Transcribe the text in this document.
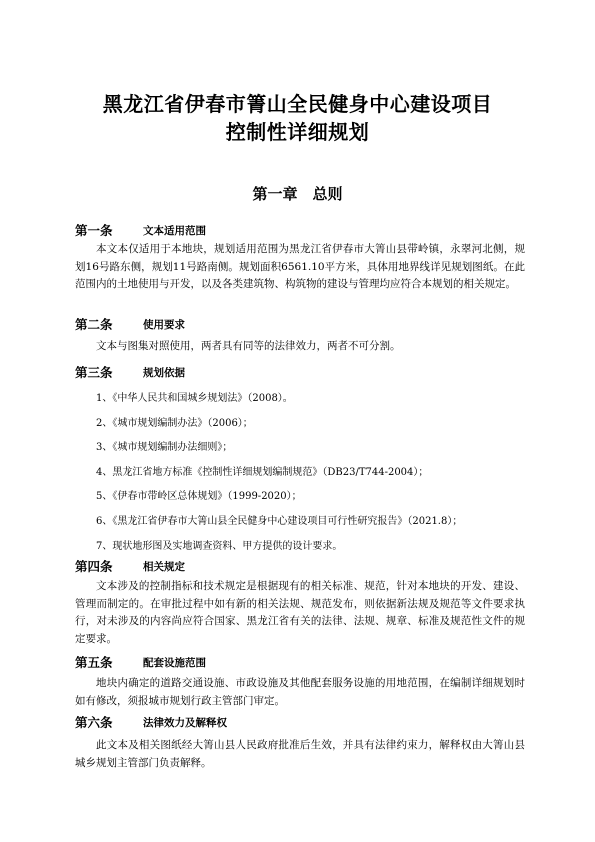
黑龙江省伊春市箐山全民健身中心建设项目
控制性详细规划
第一章　总则
第一条	文本适用范围

本文本仅适用于本地块，规划适用范围为黑龙江省伊春市大箐山县带岭镇，永翠河北侧，规划16号路东侧，规划11号路南侧。规划面积6561.10平方米，具体用地界线详见规划图纸。在此范围内的土地使用与开发，以及各类建筑物、构筑物的建设与管理均应符合本规划的相关规定。

第二条	使用要求

文本与图集对照使用，两者具有同等的法律效力，两者不可分割。

第三条	规划依据
1、《中华人民共和国城乡规划法》（2008）。
2、《城市规划编制办法》（2006）；
3、《城市规划编制办法细则》；
4、黑龙江省地方标准《控制性详细规划编制规范》（DB23/T744-2004）；
5、《伊春市带岭区总体规划》（1999-2020）；
6、《黑龙江省伊春市大箐山县全民健身中心建设项目可行性研究报告》（2021.8）；
7、现状地形图及实地调查资料、甲方提供的设计要求。
第四条	相关规定

文本涉及的控制指标和技术规定是根据现有的相关标准、规范，针对本地块的开发、建设、管理而制定的。在审批过程中如有新的相关法规、规范发布，则依据新法规及规范等文件要求执行，对未涉及的内容尚应符合国家、黑龙江省有关的法律、法规、规章、标准及规范性文件的规定要求。

第五条	配套设施范围

地块内确定的道路交通设施、市政设施及其他配套服务设施的用地范围，在编制详细规划时如有修改，须报城市规划行政主管部门审定。

第六条	法律效力及解释权

此文本及相关图纸经大箐山县人民政府批准后生效，并具有法律约束力，解释权由大箐山县城乡规划主管部门负责解释。
